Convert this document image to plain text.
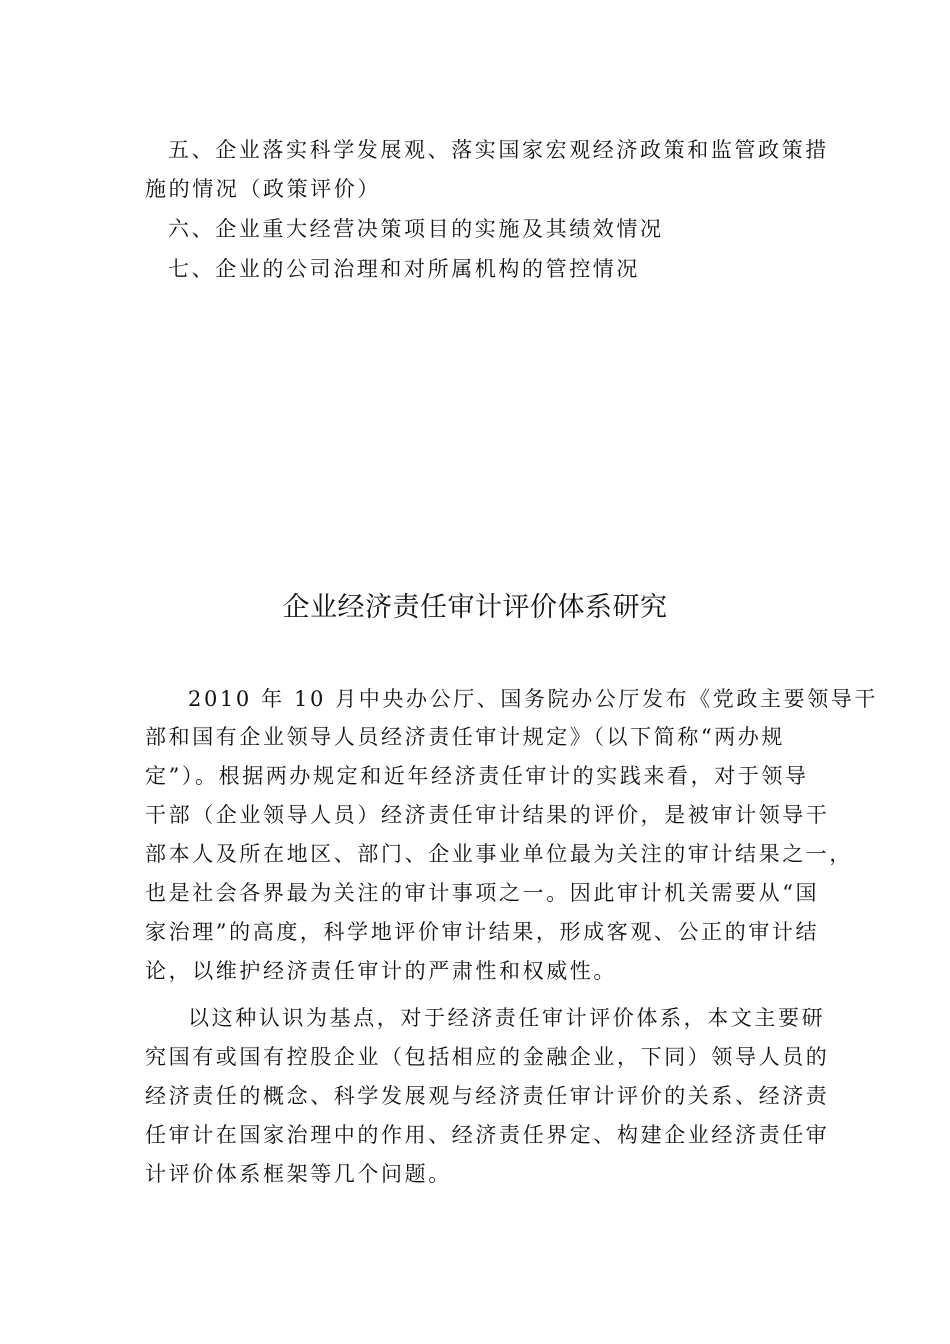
五、企业落实科学发展观、落实国家宏观经济政策和监管政策措
施的情况（政策评价）
六、企业重大经营决策项目的实施及其绩效情况
七、企业的公司治理和对所属机构的管控情况
企业经济责任审计评价体系研究
2010 年 10 月中央办公厅、国务院办公厅发布《党政主要领导干
部和国有企业领导人员经济责任审计规定》（以下简称“两办规
定”）。根据两办规定和近年经济责任审计的实践来看，对于领导
干部（企业领导人员）经济责任审计结果的评价，是被审计领导干
部本人及所在地区、部门、企业事业单位最为关注的审计结果之一，
也是社会各界最为关注的审计事项之一。因此审计机关需要从“国
家治理”的高度，科学地评价审计结果，形成客观、公正的审计结
论，以维护经济责任审计的严肃性和权威性。
以这种认识为基点，对于经济责任审计评价体系，本文主要研
究国有或国有控股企业（包括相应的金融企业，下同）领导人员的
经济责任的概念、科学发展观与经济责任审计评价的关系、经济责
任审计在国家治理中的作用、经济责任界定、构建企业经济责任审
计评价体系框架等几个问题。
